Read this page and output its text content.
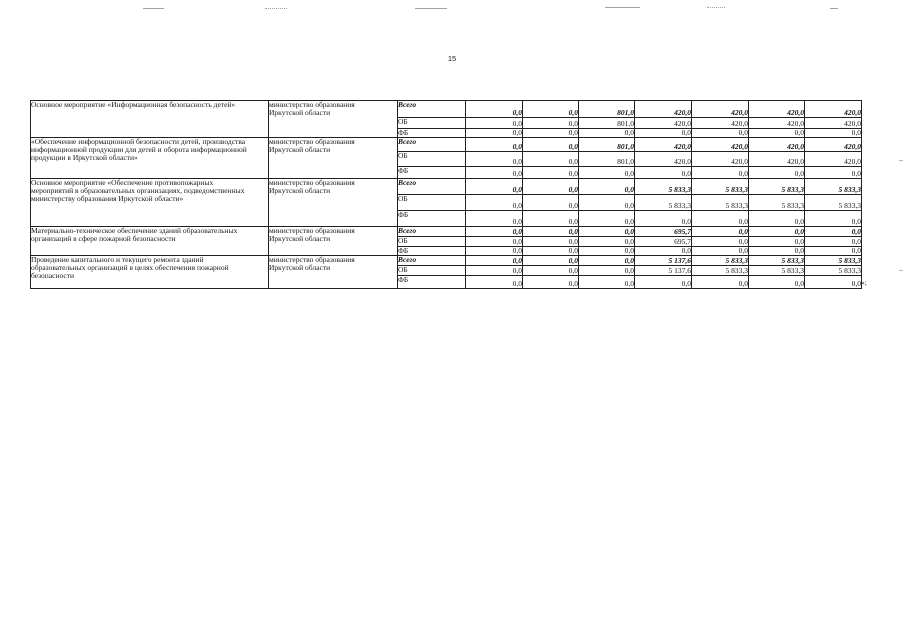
15
Основное мероприятие «Информационная безопасность детей»	министерство образования
Иркутской области	Всего	0,0	0,0	801,0	420,0	420,0	420,0	420,0
		ОБ	0,0	0,0	801,0	420,0	420,0	420,0	420,0
		ФБ	0,0	0,0	0,0	0,0	0,0	0,0	0,0

«Обеспечение информационной безопасности детей, производства
информационной продукции для детей и оборота информационной
продукции в Иркутской области»	министерство образования
Иркутской области	Всего	0,0	0,0	801,0	420,0	420,0	420,0	420,0
		ОБ	0,0	0,0	801,0	420,0	420,0	420,0	420,0
		ФБ	0,0	0,0	0,0	0,0	0,0	0,0	0,0

Основное мероприятие «Обеспечение противопожарных
мероприятий в образовательных организациях, подведомственных
министерству образования Иркутской области»	министерство образования
Иркутской области	Всего	0,0	0,0	0,0	5 833,3	5 833,3	5 833,3	5 833,3
		ОБ	0,0	0,0	0,0	5 833,3	5 833,3	5 833,3	5 833,3
		ФБ	0,0	0,0	0,0	0,0	0,0	0,0	0,0

Материально-техническое обеспечение зданий образовательных
организаций в сфере пожарной безопасности	министерство образования
Иркутской области	Всего	0,0	0,0	0,0	695,7	0,0	0,0	0,0
		ОБ	0,0	0,0	0,0	695,7	0,0	0,0	0,0
		ФБ	0,0	0,0	0,0	0,0	0,0	0,0	0,0

Проведение капитального и текущего ремонта зданий
образовательных организаций в целях обеспечения пожарной
безопасности	министерство образования
Иркутской области	Всего	0,0	0,0	0,0	5 137,6	5 833,3	5 833,3	5 833,3
		ОБ	0,0	0,0	0,0	5 137,6	5 833,3	5 833,3	5 833,3
		ФБ	0,0	0,0	0,0	0,0	0,0	0,0	0,0 »;
